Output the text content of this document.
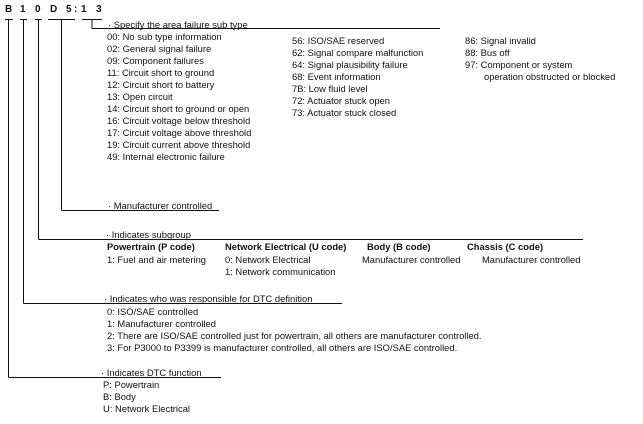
B 1 0 D 5 : 1 3
· Specify the area failure sub type
00: No sub type information
02: General signal failure
09: Component failures
11: Circuit short to ground
12: Circuit short to battery
13: Open circuit
14: Circuit short to ground or open
16: Circuit voltage below threshold
17: Circuit voltage above threshold
19: Circuit current above threshold
49: Internal electronic failure
56: ISO/SAE reserved
62: Signal compare malfunction
64: Signal plausibility failure
68: Event information
7B: Low fluid level
72: Actuator stuck open
73: Actuator stuck closed
86: Signal invalid
88: Bus off
97: Component or system
operation obstructed or blocked
· Manufacturer controlled
· Indicates subgroup
Powertrain (P code)	Network Electrical (U code) Body (B code)	Chassis (C code)
1: Fuel and air metering 0: Network Electrical
1: Network communication
Manufacturer controlled Manufacturer controlled
· Indicates who was responsible for DTC definition
0: ISO/SAE controlled
1: Manufacturer controlled
2: There are ISO/SAE controlled just for powertrain, all others are manufacturer controlled.
3: For P3000 to P3399 is manufacturer controlled, all others are ISO/SAE controlled.
· Indicates DTC function
P: Powertrain
B: Body
U: Network Electrical
